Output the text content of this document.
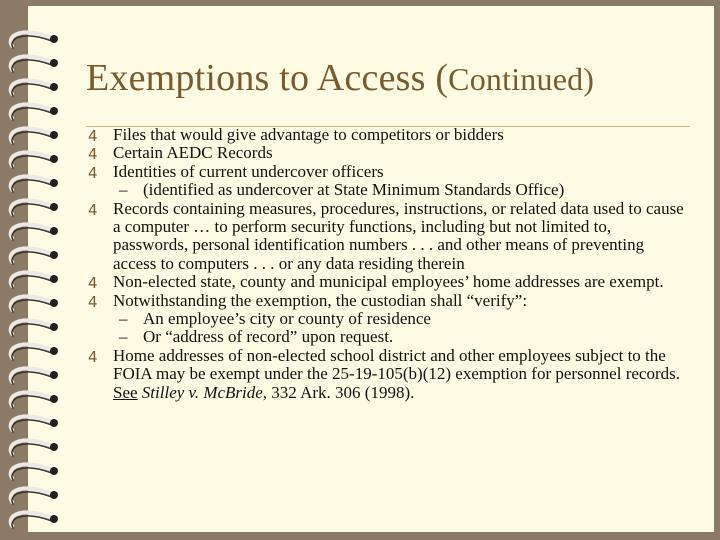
Exemptions to Access (Continued)
4 Files that would give advantage to competitors or bidders
4 Certain AEDC Records
4 Identities of current undercover officers
– (identified as undercover at State Minimum Standards Office)
4 Records containing measures, procedures, instructions, or related data used to cause a computer … to perform security functions, including but not limited to, passwords, personal identification numbers . . . and other means of preventing access to computers . . . or any data residing therein
4 Non-elected state, county and municipal employees’ home addresses are exempt.
4 Notwithstanding the exemption, the custodian shall “verify”:
– An employee’s city or county of residence
– Or “address of record” upon request.
4 Home addresses of non-elected school district and other employees subject to the FOIA may be exempt under the 25-19-105(b)(12) exemption for personnel records. See Stilley v. McBride, 332 Ark. 306 (1998).
